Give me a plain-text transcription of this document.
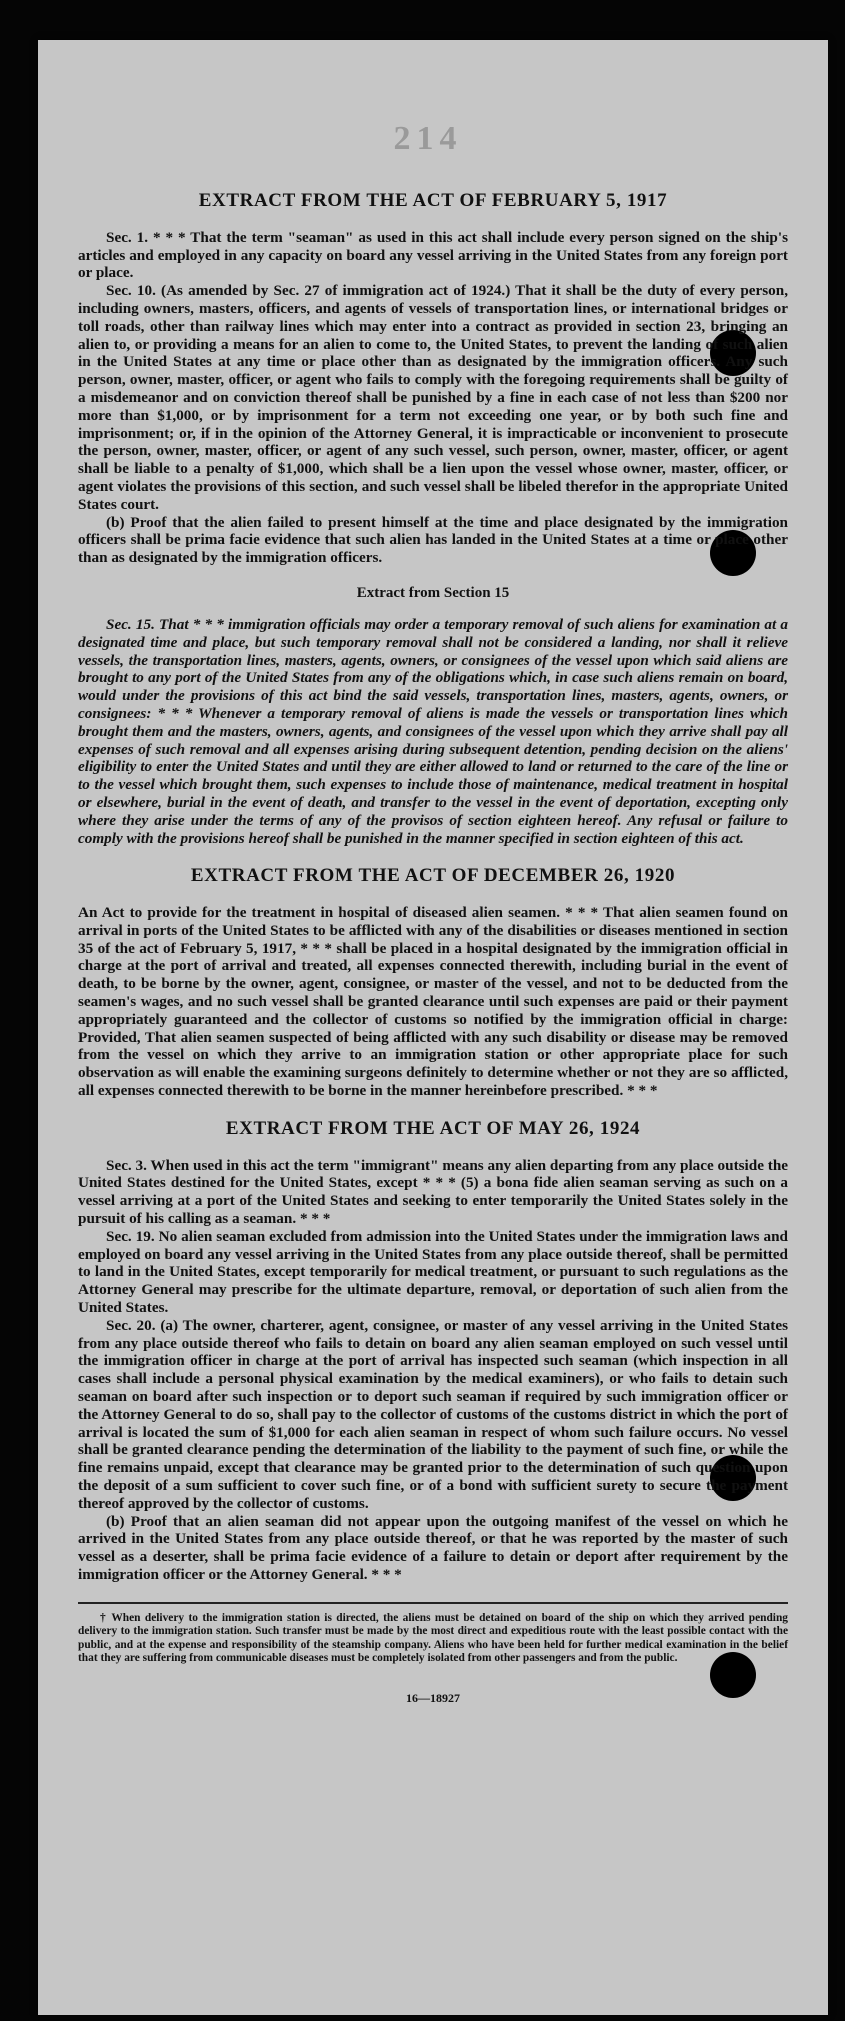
214
EXTRACT FROM THE ACT OF FEBRUARY 5, 1917

Sec. 1. * * * That the term "seaman" as used in this act shall include every person signed on the ship's articles and employed in any capacity on board any vessel arriving in the United States from any foreign port or place.

Sec. 10. (As amended by Sec. 27 of immigration act of 1924.) That it shall be the duty of every person, including owners, masters, officers, and agents of vessels of transportation lines, or international bridges or toll roads, other than railway lines which may enter into a contract as provided in section 23, bringing an alien to, or providing a means for an alien to come to, the United States, to prevent the landing of such alien in the United States at any time or place other than as designated by the immigration officers. Any such person, owner, master, officer, or agent who fails to comply with the foregoing requirements shall be guilty of a misdemeanor and on conviction thereof shall be punished by a fine in each case of not less than $200 nor more than $1,000, or by imprisonment for a term not exceeding one year, or by both such fine and imprisonment; or, if in the opinion of the Attorney General, it is impracticable or inconvenient to prosecute the person, owner, master, officer, or agent of any such vessel, such person, owner, master, officer, or agent shall be liable to a penalty of $1,000, which shall be a lien upon the vessel whose owner, master, officer, or agent violates the provisions of this section, and such vessel shall be libeled therefor in the appropriate United States court.

(b) Proof that the alien failed to present himself at the time and place designated by the immigration officers shall be prima facie evidence that such alien has landed in the United States at a time or place other than as designated by the immigration officers.

Extract from Section 15

Sec. 15. That * * * immigration officials may order a temporary removal of such aliens for examination at a designated time and place, but such temporary removal shall not be considered a landing, nor shall it relieve vessels, the transportation lines, masters, agents, owners, or consignees of the vessel upon which said aliens are brought to any port of the United States from any of the obligations which, in case such aliens remain on board, would under the provisions of this act bind the said vessels, transportation lines, masters, agents, owners, or consignees: * * * Whenever a temporary removal of aliens is made the vessels or transportation lines which brought them and the masters, owners, agents, and consignees of the vessel upon which they arrive shall pay all expenses of such removal and all expenses arising during subsequent detention, pending decision on the aliens' eligibility to enter the United States and until they are either allowed to land or returned to the care of the line or to the vessel which brought them, such expenses to include those of maintenance, medical treatment in hospital or elsewhere, burial in the event of death, and transfer to the vessel in the event of deportation, excepting only where they arise under the terms of any of the provisos of section eighteen hereof. Any refusal or failure to comply with the provisions hereof shall be punished in the manner specified in section eighteen of this act.

EXTRACT FROM THE ACT OF DECEMBER 26, 1920

An Act to provide for the treatment in hospital of diseased alien seamen. * * * That alien seamen found on arrival in ports of the United States to be afflicted with any of the disabilities or diseases mentioned in section 35 of the act of February 5, 1917, * * * shall be placed in a hospital designated by the immigration official in charge at the port of arrival and treated, all expenses connected therewith, including burial in the event of death, to be borne by the owner, agent, consignee, or master of the vessel, and not to be deducted from the seamen's wages, and no such vessel shall be granted clearance until such expenses are paid or their payment appropriately guaranteed and the collector of customs so notified by the immigration official in charge: Provided, That alien seamen suspected of being afflicted with any such disability or disease may be removed from the vessel on which they arrive to an immigration station or other appropriate place for such observation as will enable the examining surgeons definitely to determine whether or not they are so afflicted, all expenses connected therewith to be borne in the manner hereinbefore prescribed. * * *

EXTRACT FROM THE ACT OF MAY 26, 1924

Sec. 3. When used in this act the term "immigrant" means any alien departing from any place outside the United States destined for the United States, except * * * (5) a bona fide alien seaman serving as such on a vessel arriving at a port of the United States and seeking to enter temporarily the United States solely in the pursuit of his calling as a seaman. * * *

Sec. 19. No alien seaman excluded from admission into the United States under the immigration laws and employed on board any vessel arriving in the United States from any place outside thereof, shall be permitted to land in the United States, except temporarily for medical treatment, or pursuant to such regulations as the Attorney General may prescribe for the ultimate departure, removal, or deportation of such alien from the United States.

Sec. 20. (a) The owner, charterer, agent, consignee, or master of any vessel arriving in the United States from any place outside thereof who fails to detain on board any alien seaman employed on such vessel until the immigration officer in charge at the port of arrival has inspected such seaman (which inspection in all cases shall include a personal physical examination by the medical examiners), or who fails to detain such seaman on board after such inspection or to deport such seaman if required by such immigration officer or the Attorney General to do so, shall pay to the collector of customs of the customs district in which the port of arrival is located the sum of $1,000 for each alien seaman in respect of whom such failure occurs. No vessel shall be granted clearance pending the determination of the liability to the payment of such fine, or while the fine remains unpaid, except that clearance may be granted prior to the determination of such question upon the deposit of a sum sufficient to cover such fine, or of a bond with sufficient surety to secure the payment thereof approved by the collector of customs.

(b) Proof that an alien seaman did not appear upon the outgoing manifest of the vessel on which he arrived in the United States from any place outside thereof, or that he was reported by the master of such vessel as a deserter, shall be prima facie evidence of a failure to detain or deport after requirement by the immigration officer or the Attorney General. * * *

† When delivery to the immigration station is directed, the aliens must be detained on board of the ship on which they arrived pending delivery to the immigration station. Such transfer must be made by the most direct and expeditious route with the least possible contact with the public, and at the expense and responsibility of the steamship company. Aliens who have been held for further medical examination in the belief that they are suffering from communicable diseases must be completely isolated from other passengers and from the public.

16—18927
